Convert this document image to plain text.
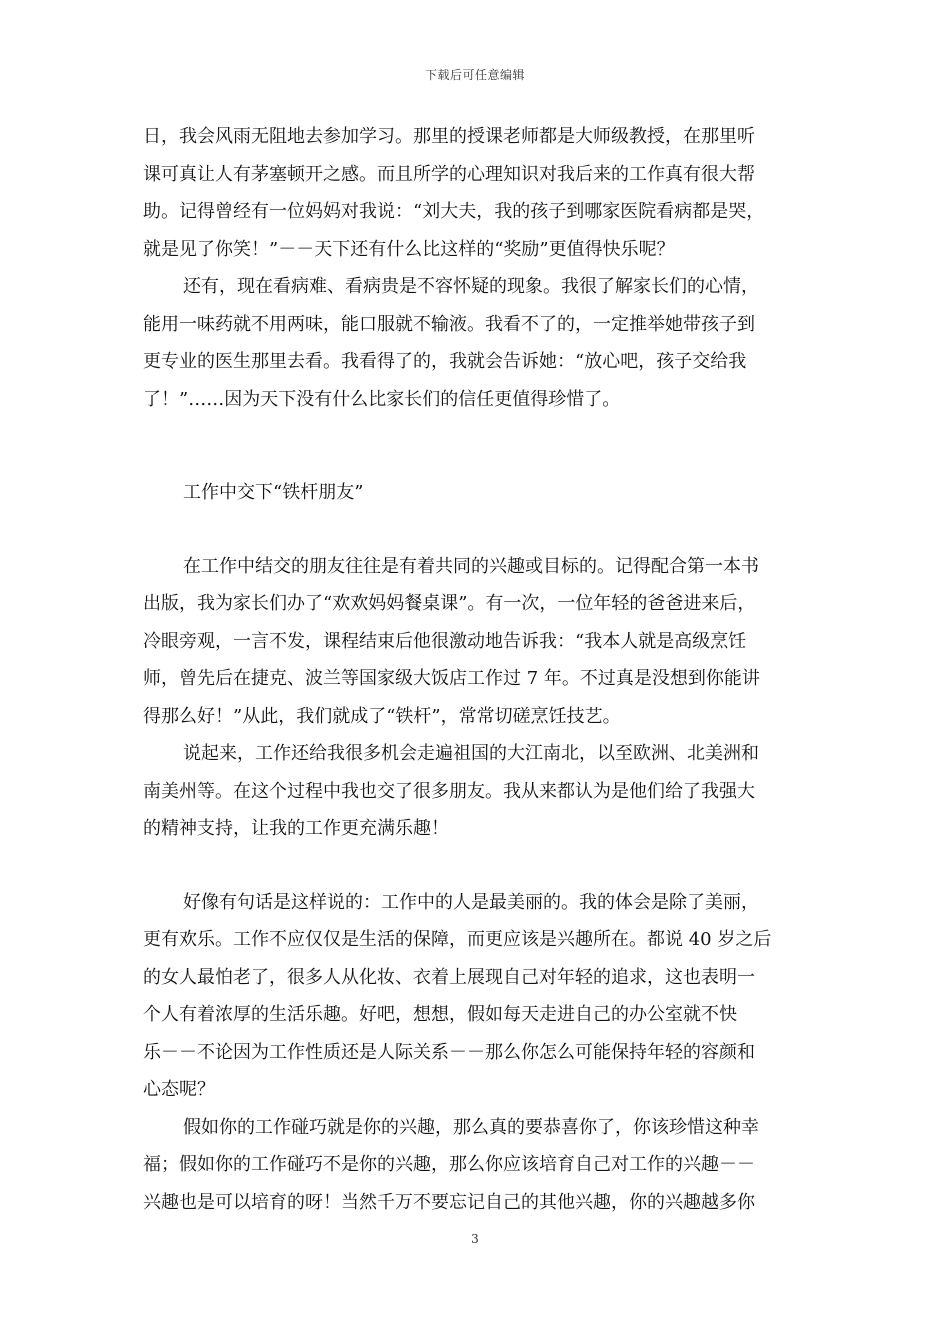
下载后可任意编辑
日，我会风雨无阻地去参加学习。那里的授课老师都是大师级教授，在那里听
课可真让人有茅塞顿开之感。而且所学的心理知识对我后来的工作真有很大帮
助。记得曾经有一位妈妈对我说：“刘大夫，我的孩子到哪家医院看病都是哭，
就是见了你笑！”－－天下还有什么比这样的“奖励”更值得快乐呢？
还有，现在看病难、看病贵是不容怀疑的现象。我很了解家长们的心情，
能用一味药就不用两味，能口服就不输液。我看不了的，一定推举她带孩子到
更专业的医生那里去看。我看得了的，我就会告诉她：“放心吧，孩子交给我
了！”……因为天下没有什么比家长们的信任更值得珍惜了。
工作中交下“铁杆朋友”
在工作中结交的朋友往往是有着共同的兴趣或目标的。记得配合第一本书
出版，我为家长们办了“欢欢妈妈餐桌课”。有一次，一位年轻的爸爸进来后，
冷眼旁观，一言不发，课程结束后他很激动地告诉我：“我本人就是高级烹饪
师，曾先后在捷克、波兰等国家级大饭店工作过 7 年。不过真是没想到你能讲
得那么好！”从此，我们就成了“铁杆”，常常切磋烹饪技艺。
说起来，工作还给我很多机会走遍祖国的大江南北，以至欧洲、北美洲和
南美州等。在这个过程中我也交了很多朋友。我从来都认为是他们给了我强大
的精神支持，让我的工作更充满乐趣！
好像有句话是这样说的：工作中的人是最美丽的。我的体会是除了美丽，
更有欢乐。工作不应仅仅是生活的保障，而更应该是兴趣所在。都说 40 岁之后
的女人最怕老了，很多人从化妆、衣着上展现自己对年轻的追求，这也表明一
个人有着浓厚的生活乐趣。好吧，想想，假如每天走进自己的办公室就不快
乐－－不论因为工作性质还是人际关系－－那么你怎么可能保持年轻的容颜和
心态呢？
假如你的工作碰巧就是你的兴趣，那么真的要恭喜你了，你该珍惜这种幸
福；假如你的工作碰巧不是你的兴趣，那么你应该培育自己对工作的兴趣－－
兴趣也是可以培育的呀！当然千万不要忘记自己的其他兴趣，你的兴趣越多你
3
